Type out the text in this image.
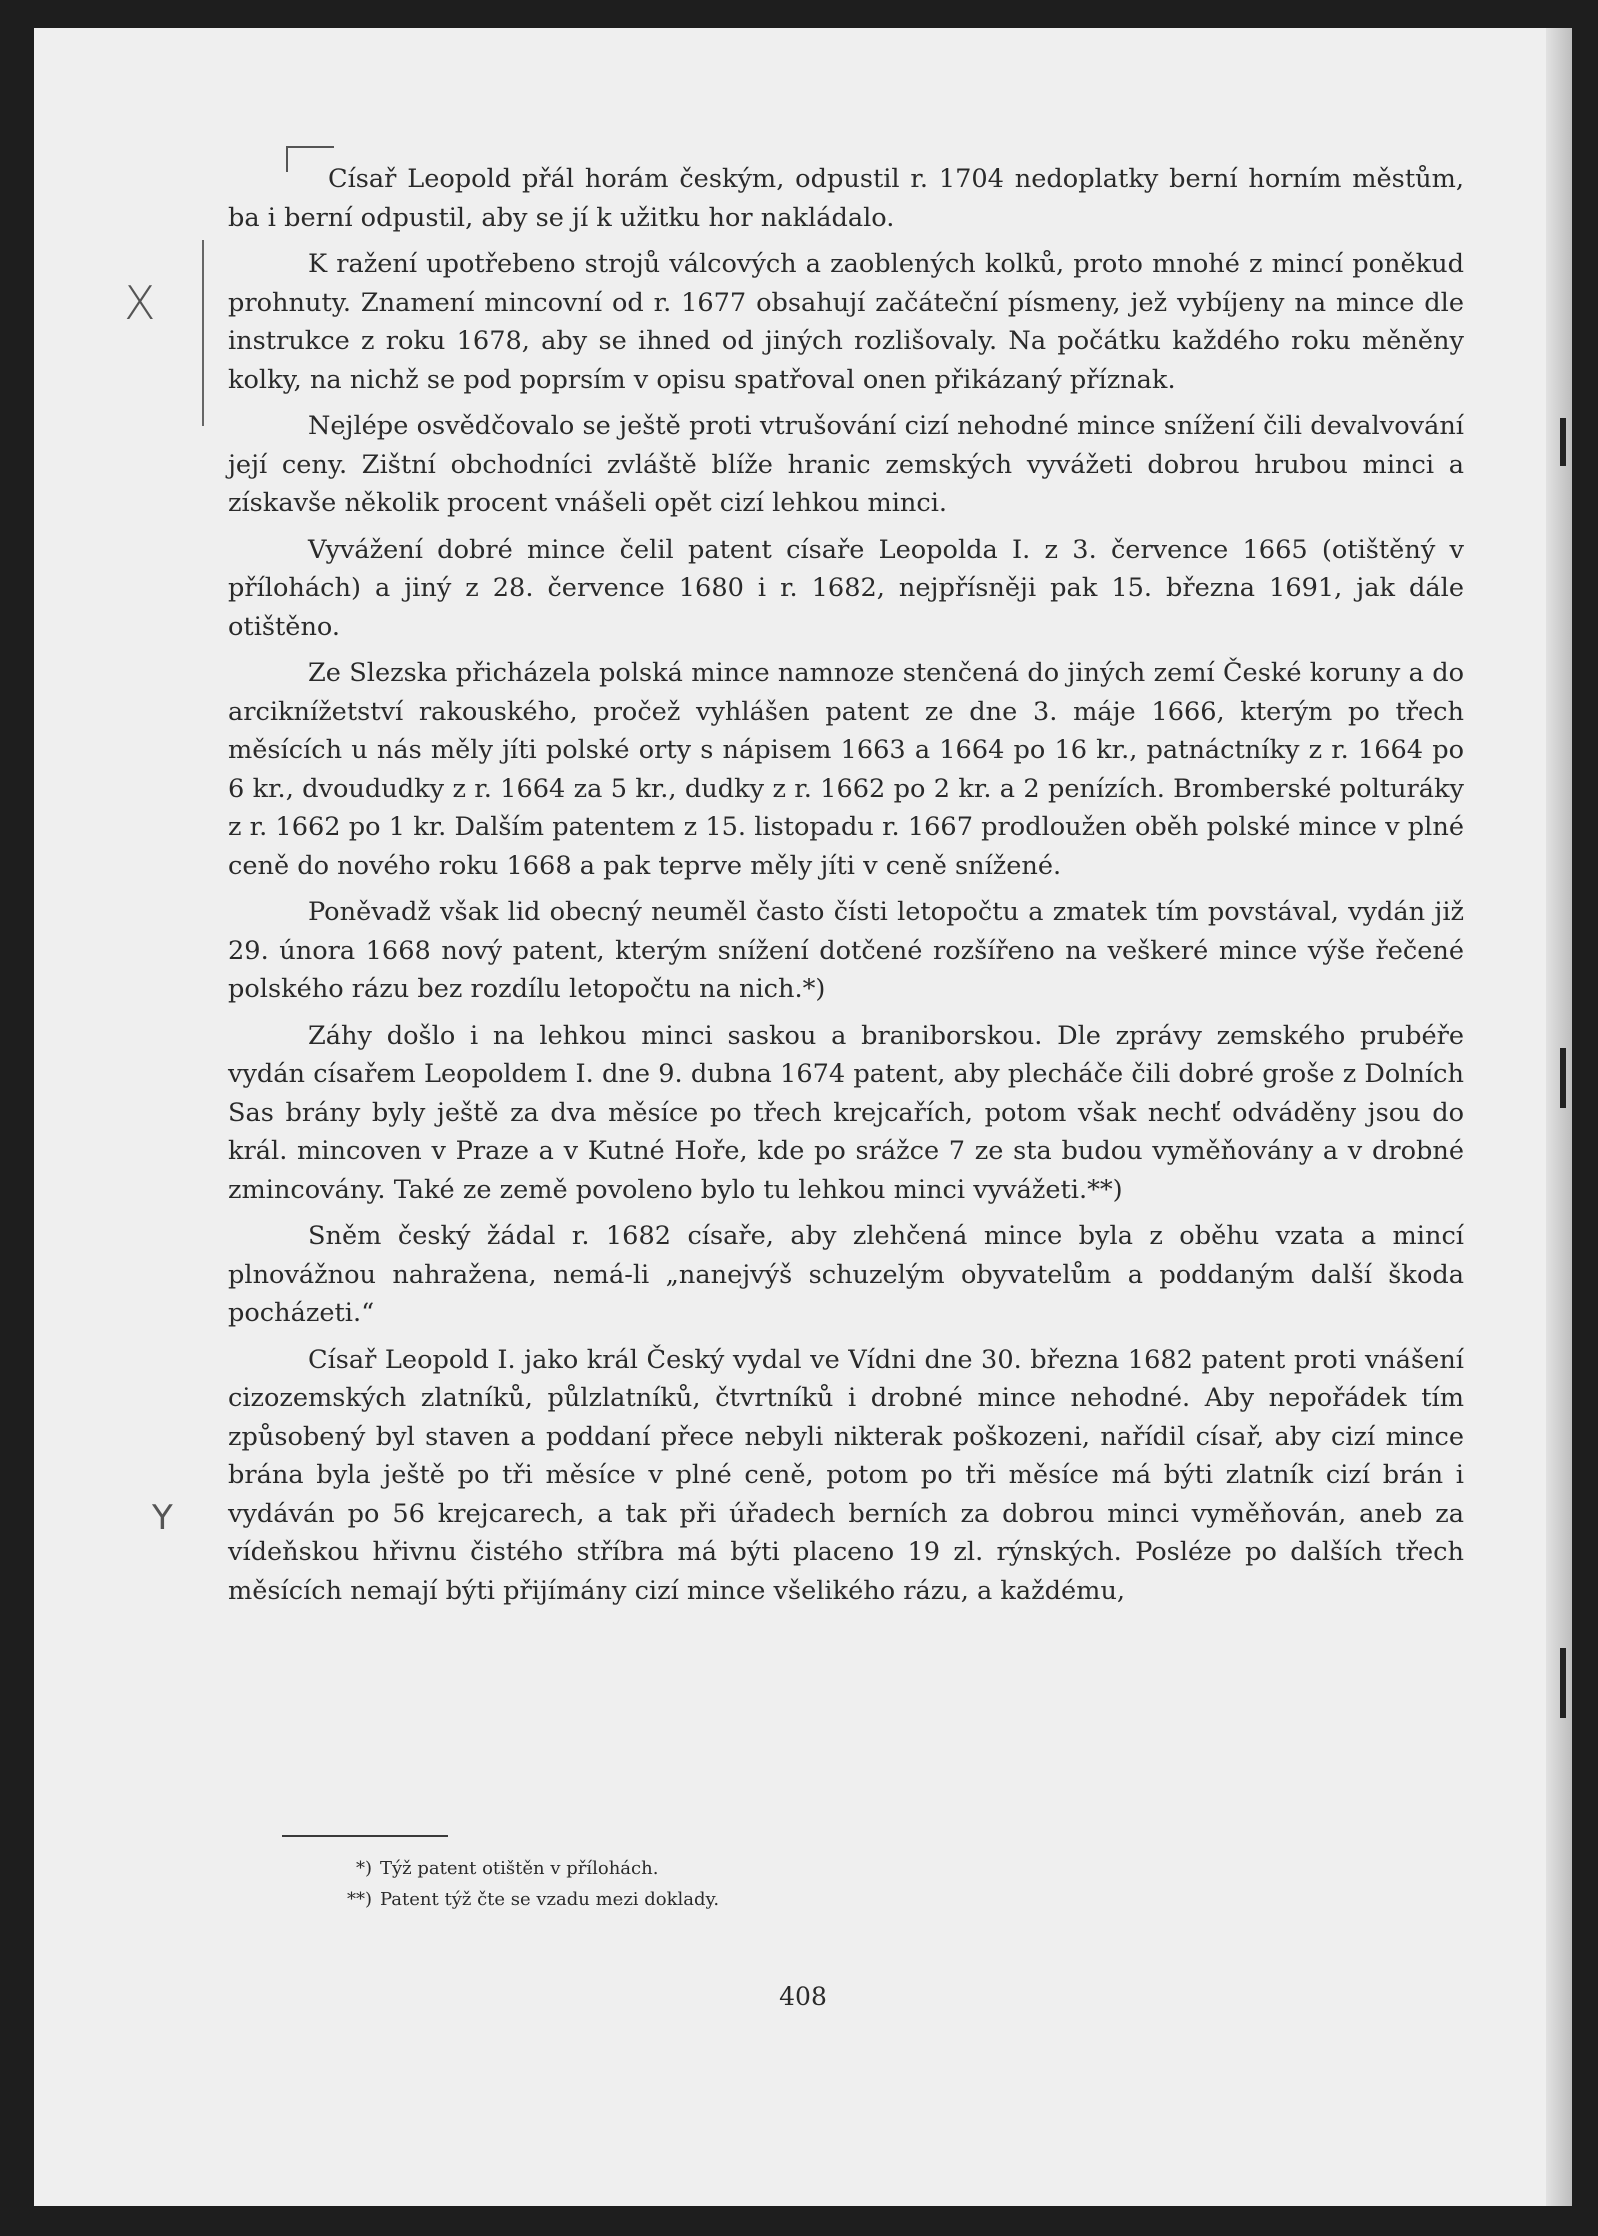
X
Y

Císař Leopold přál horám českým, odpustil r. 1704 nedoplatky berní horním městům, ba i berní odpustil, aby se jí k užitku hor nakládalo.

K ražení upotřebeno strojů válcových a zaoblených kolků, proto mnohé z mincí poněkud prohnuty. Znamení mincovní od r. 1677 obsahují začáteční písmeny, jež vybíjeny na mince dle instrukce z roku 1678, aby se ihned od jiných rozlišovaly. Na počátku každého roku měněny kolky, na nichž se pod poprsím v opisu spatřoval onen přikázaný příznak.

Nejlépe osvědčovalo se ještě proti vtrušování cizí nehodné mince snížení čili devalvování její ceny. Zištní obchodníci zvláště blíže hranic zemských vyvážeti dobrou hrubou minci a získavše několik procent vnášeli opět cizí lehkou minci.

Vyvážení dobré mince čelil patent císaře Leopolda I. z 3. července 1665 (otištěný v přílohách) a jiný z 28. července 1680 i r. 1682, nejpřísněji pak 15. března 1691, jak dále otištěno.

Ze Slezska přicházela polská mince namnoze stenčená do jiných zemí České koruny a do arciknížetství rakouského, pročež vyhlášen patent ze dne 3. máje 1666, kterým po třech měsících u nás měly jíti polské orty s nápisem 1663 a 1664 po 16 kr., patnáctníky z r. 1664 po 6 kr., dvoududky z r. 1664 za 5 kr., dudky z r. 1662 po 2 kr. a 2 penízích. Bromberské polturáky z r. 1662 po 1 kr. Dalším patentem z 15. listopadu r. 1667 prodloužen oběh polské mince v plné ceně do nového roku 1668 a pak teprve měly jíti v ceně snížené.

Poněvadž však lid obecný neuměl často čísti letopočtu a zmatek tím povstával, vydán již 29. února 1668 nový patent, kterým snížení dotčené rozšířeno na veškeré mince výše řečené polského rázu bez rozdílu letopočtu na nich.*)

Záhy došlo i na lehkou minci saskou a braniborskou. Dle zprávy zemského prubéře vydán císařem Leopoldem I. dne 9. dubna 1674 patent, aby plecháče čili dobré groše z Dolních Sas brány byly ještě za dva měsíce po třech krejcařích, potom však nechť odváděny jsou do král. mincoven v Praze a v Kutné Hoře, kde po srážce 7 ze sta budou vyměňovány a v drobné zmincovány. Také ze země povoleno bylo tu lehkou minci vyvážeti.**)

Sněm český žádal r. 1682 císaře, aby zlehčená mince byla z oběhu vzata a mincí plnovážnou nahražena, nemá-li „nanejvýš schuzelým obyvatelům a poddaným další škoda pocházeti.“

Císař Leopold I. jako král Český vydal ve Vídni dne 30. března 1682 patent proti vnášení cizozemských zlatníků, půlzlatníků, čtvrtníků i drobné mince nehodné. Aby nepořádek tím způsobený byl staven a poddaní přece nebyli nikterak poškozeni, nařídil císař, aby cizí mince brána byla ještě po tři měsíce v plné ceně, potom po tři měsíce má býti zlatník cizí brán i vydáván po 56 krejcarech, a tak při úřadech berních za dobrou minci vyměňován, aneb za vídeňskou hřivnu čistého stříbra má býti placeno 19 zl. rýnských. Posléze po dalších třech měsících nemají býti přijímány cizí mince všelikého rázu, a každému,

*) Týž patent otištěn v přílohách.
**) Patent týž čte se vzadu mezi doklady.
408
